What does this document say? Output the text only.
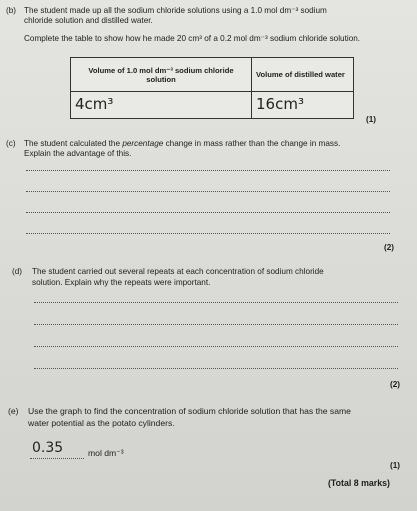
(b) The student made up all the sodium chloride solutions using a 1.0 mol dm⁻³ sodium
chloride solution and distilled water.
Complete the table to show how he made 20 cm³ of a 0.2 mol dm⁻³ sodium chloride solution.
Volume of 1.0 mol dm⁻³ sodium chloride solution	Volume of distilled water
4cm³	16cm³
(1)
(c) The student calculated the percentage change in mass rather than the change in mass.
Explain the advantage of this.
(2)
(d) The student carried out several repeats at each concentration of sodium chloride
solution. Explain why the repeats were important.
(2)
(e) Use the graph to find the concentration of sodium chloride solution that has the same
water potential as the potato cylinders.
0.35	mol dm⁻³
(1)
(Total 8 marks)
